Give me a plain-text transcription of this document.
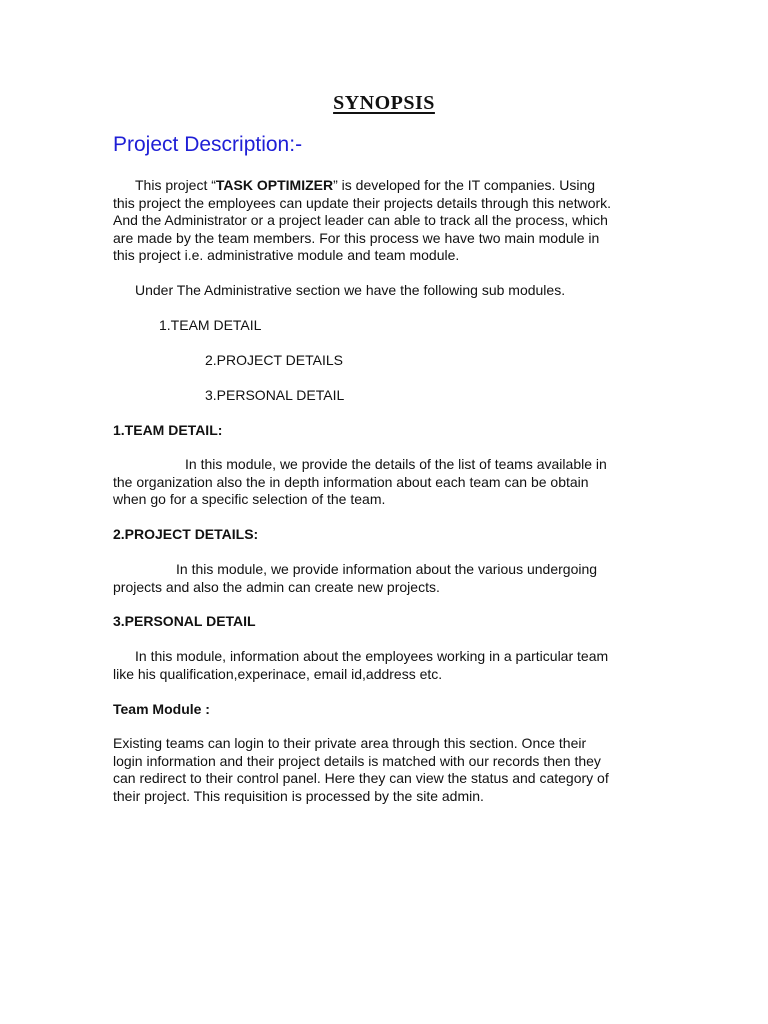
SYNOPSIS
Project Description:-
This project “TASK OPTIMIZER” is developed for the IT companies. Using
this project the employees can update their projects details through this network.
And the Administrator or a project leader can able to track all the process, which
are made by the team members. For this process we have two main module in
this project i.e. administrative module and team module.
Under The Administrative section we have the following sub modules.
1.TEAM DETAIL
2.PROJECT DETAILS
3.PERSONAL DETAIL
1.TEAM DETAIL:
In this module, we provide the details of the list of teams available in
the organization also the in depth information about each team can be obtain
when go for a specific selection of the team.
2.PROJECT DETAILS:
In this module, we provide information about the various undergoing
projects and also the admin can create new projects.
3.PERSONAL DETAIL
In this module, information about the employees working in a particular team
like his qualification,experinace, email id,address etc.
Team Module :
Existing teams can login to their private area through this section. Once their
login information and their project details is matched with our records then they
can redirect to their control panel. Here they can view the status and category of
their project. This requisition is processed by the site admin.
